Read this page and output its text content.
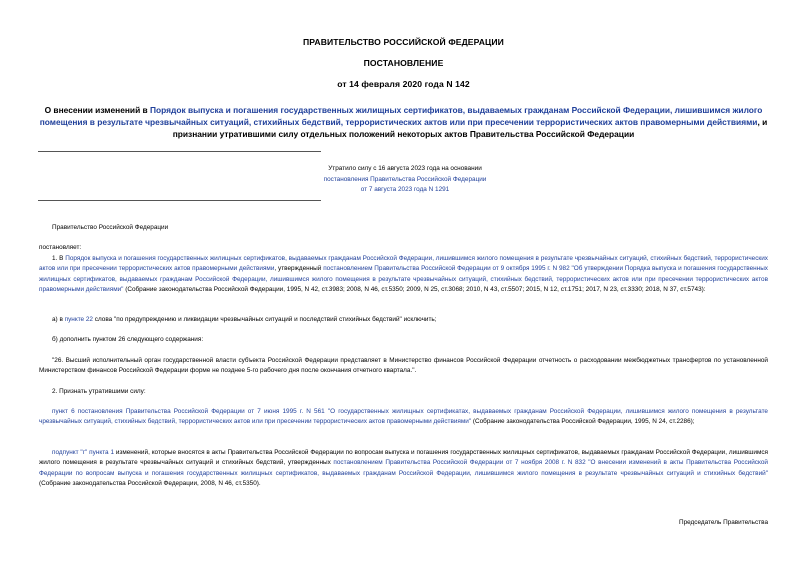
ПРАВИТЕЛЬСТВО РОССИЙСКОЙ ФЕДЕРАЦИИ
ПОСТАНОВЛЕНИЕ
от 14 февраля 2020 года N 142
О внесении изменений в Порядок выпуска и погашения государственных жилищных сертификатов, выдаваемых гражданам Российской Федерации, лишившимся жилого помещения в результате чрезвычайных ситуаций, стихийных бедствий, террористических актов или при пресечении террористических актов правомерными действиями, и признании утратившими силу отдельных положений некоторых актов Правительства Российской Федерации
Утратило силу с 16 августа 2023 года на основании
постановления Правительства Российской Федерации
от 7 августа 2023 года N 1291
Правительство Российской Федерации
постановляет:
1. В Порядок выпуска и погашения государственных жилищных сертификатов, выдаваемых гражданам Российской Федерации, лишившимся жилого помещения в результате чрезвычайных ситуаций, стихийных бедствий, террористических актов или при пресечении террористических актов правомерными действиями, утвержденный постановлением Правительства Российской Федерации от 9 октября 1995 г. N 982 "Об утверждении Порядка выпуска и погашения государственных жилищных сертификатов, выдаваемых гражданам Российской Федерации, лишившимся жилого помещения в результате чрезвычайных ситуаций, стихийных бедствий, террористических актов или при пресечении террористических актов правомерными действиями" (Собрание законодательства Российской Федерации, 1995, N 42, ст.3983; 2008, N 46, ст.5350; 2009, N 25, ст.3068; 2010, N 43, ст.5507; 2015, N 12, ст.1751; 2017, N 23, ст.3330; 2018, N 37, ст.5743):
а) в пункте 22 слова "по предупреждению и ликвидации чрезвычайных ситуаций и последствий стихийных бедствий" исключить;
б) дополнить пунктом 26 следующего содержания:
"26. Высший исполнительный орган государственной власти субъекта Российской Федерации представляет в Министерство финансов Российской Федерации отчетность о расходовании межбюджетных трансфертов по установленной Министерством финансов Российской Федерации форме не позднее 5-го рабочего дня после окончания отчетного квартала.".
2. Признать утратившими силу:
пункт 6 постановления Правительства Российской Федерации от 7 июня 1995 г. N 561 "О государственных жилищных сертификатах, выдаваемых гражданам Российской Федерации, лишившимся жилого помещения в результате чрезвычайных ситуаций, стихийных бедствий, террористических актов или при пресечении террористических актов правомерными действиями" (Собрание законодательства Российской Федерации, 1995, N 24, ст.2286);
подпункт "г" пункта 1 изменений, которые вносятся в акты Правительства Российской Федерации по вопросам выпуска и погашения государственных жилищных сертификатов, выдаваемых гражданам Российской Федерации, лишившимся жилого помещения в результате чрезвычайных ситуаций и стихийных бедствий, утвержденных постановлением Правительства Российской Федерации от 7 ноября 2008 г. N 832 "О внесении изменений в акты Правительства Российской Федерации по вопросам выпуска и погашения государственных жилищных сертификатов, выдаваемых гражданам Российской Федерации, лишившимся жилого помещения в результате чрезвычайных ситуаций и стихийных бедствий" (Собрание законодательства Российской Федерации, 2008, N 46, ст.5350).
Председатель Правительства
